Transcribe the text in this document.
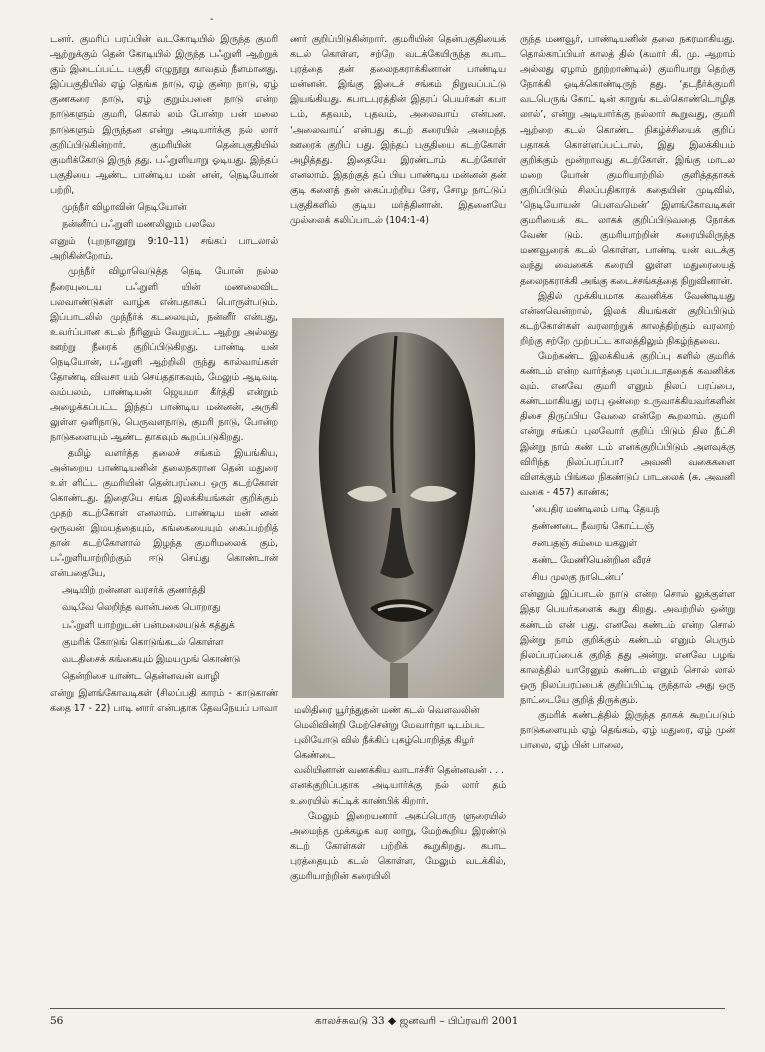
-

டனர். குமரிப் பரப்பின் வடகோடியில் இருந்த குமரி ஆற்றுக்கும் தென் கோடியில் இருந்த பஃறுளி ஆற்றுக் கும் இடைப்பட்ட பகுதி எழுநூறு காவதம் நீளமானது. இப்பகுதியில் ஏழ் தெங்க நாடு, ஏழ் குன்ற நாடு, ஏழ் குணகரை நாடு, ஏழ் குறும்பனை நாடு என்ற நாடுகளும் குமரி, கொல் லம் போன்ற பன் மலை நாடுகளும் இருந்தன என்று அடியார்க்கு நல் லார் குறிப்பிடுகின்றார். குமரியின் தென்பகுதியில் குமரிக்கோடு இருந் தது. பஃறுளியாறு ஓடியது. இந்தப் பகுதியை ஆண்ட பாண்டிய மன் னன், நெடியோன் பற்றி,

முந்நீர் விழாவின் நெடியோன்

நன்னீர்ப் பஃறுளி மணலிலும் பலவே

எனும் (புறநானூறு 9:10–11) சங்கப் பாடலால் அறிகின்றோம்.

முந்நீர் விழாவெடுத்த நெடி யோன் நல்ல நீரையுடைய பஃறுளி யின் மணலைவிட பலவாண்டுகள் வாழ்க என்பதாகப் பொருள்படும். இப்பாடலில் முந்நீர்க் கடலையும், நன்னீர் என்பது, உவர்ப்பான கடல் நீரினும் வேறுபட்ட ஆற்று அல்லது ஊற்று நீரைக் குறிப்பிடுகிறது. பாண்டி யன் நெடியோன், பஃறுளி ஆற்றிலி ருந்து கால்வாய்கள் தோண்டி விவசா யம் செய்ததாகவும், மேலும் ஆடிவடி வம்பலம், பாண்டியன் ஜெயமா கீர்த்தி என்றும் அழைக்கப்பட்ட இந்தப் பாண்டிய மன்னன், அருகி லுள்ள ஒளிநாடு, பெருவளநாடு, குமரி நாடு, போன்ற நாடுகளையும் ஆண்ட தாகவும் கூறப்படுகிறது.

தமிழ் வளர்த்த தலைச் சங்கம் இயங்கிய, அன்றைய பாண்டியனின் தலைநகரான தென் மதுரை உள் ளிட்ட குமரியின் தென்பரப்பை ஒரு கடற்கோள் கொண்டது. இதையே சங்க இலக்கியங்கள் குறிக்கும் முதற் கடற்கோள் எனலாம். பாண்டிய மன் னன் ஒருவன் இமயத்தையும், கங்கையையும் கைப்பற்றித் தான் கடற்கோளால் இழந்த குமரிமலைக் கும், பஃறுளியாற்றிற்கும் ஈடு செய்து கொண்டான் என்பதையே,

அடியிற் றன்னள வரசர்க் குணர்த்தி

வடிவே லெறிந்த வான்பகை பொறாது

பஃறுளி யாற்றுடன் பன்மலையடுக் கத்துக்

குமரிக் கோடுங் கொடுங்கடல் கொள்ள

வடதிசைக் கங்கையும் இமயமுங் கொண்டு

தென்றிசை யாண்ட தென்னவன் வாழி

என்று இளங்கோவடிகள் (சிலப்பதி காரம் - காடுகாண் கதை 17 - 22) பாடி னார் என்பதாக தேவநேயப் பாவா

ணர் குறிப்பிடுகின்றார். குமரியின் தென்பகுதியைக் கடல் கொள்ள, சற்றே வடக்கேயிருந்த கபாட புரத்தை தன் தலைநகராக்கினான் பாண்டிய மன்னன். இங்கு இடைச் சங்கம் நிறுவப்பட்டு இயங்கியது. கபாடபுரத்தின் இதரப் பெயர்கள் கபா டம், கதவம், புதவம், அலைவாய் என்பன. ‘அலைவாய்’ என்பது கடற் கரையில் அமைந்த ஊரைக் குறிப் பது. இந்தப் பகுதியை கடற்கோள் அழித்தது. இதையே இரண்டாம் கடற்கோள் எனலாம். இதற்குத் தப் பிய பாண்டிய மன்னன் தன் குடி களைத் தன் கைப்பற்றிய சேர, சோழ நாட்டுப் பகுதிகளில் குடிய மர்த்தினான். இதனையே முல்லைக் கலிப்பாடல் (104:1-4)

மலிதிரை யூர்ந்துதன் மண் கடல் வெளவலின்

மெலிவின்றி மேற்சென்று மேவார்நா டிடம்பட

புலியோடு வில் நீக்கிப் புகழ்பொறித்த கிழர் கெண்டை

வலியினான் வணக்கிய வாடாச்சீர் தென்னவன் . . .

எனக்குறிப்பதாக அடியார்க்கு நல் லார் தம் உரையில் சுட்டிக் காண்பிக் கிறார்.

மேலும் இறையனார் அகப்பொரு ளுரையில் அமைந்த முக்கழக வர லாறு, மேற்கூறிய இரண்டு கடற் கோள்கள் பற்றிக் கூறுகிறது. கபாட புரத்தையும் கடல் கொள்ள, மேலும் வடக்கில், குமரியாற்றின் கரையிலி

ருந்த மணவூர், பாண்டியனின் தலை நகரமாகியது. தொல்காப்பியர் காலத் தில் (கமார் கி. மு. ஆறாம் அல்லது ஏழாம் நூற்றாண்டில்) குமரியாறு தெற்கு நோக்கி ஓடிக்கொண்டிருந் தது. ‘தடநீர்க்குமரி வடபெருங் கோட் டின் காறுங் கடல்கொண்டொழித லால்’, என்று அடியார்க்கு நல்லார் கூறுவது, குமரி ஆற்றை கடல் கொண்ட நிகழ்ச்சியைக் குறிப் பதாகக் கொள்ளப்பட்டால், இது இலக்கியம் குறிக்கும் மூன்றாவது கடற்கோள். இங்கு மாடல மறை யோன் குமரியாற்றில் குளித்ததாகக் குறிப்பிடும் சிலப்பதிகாரக் கதையின் முடிவில், ‘நெடியோயன் பௌவமென்’ இளங்கோவடிகள் குமரியைக் கட லாகக் குறிப்பிடுவதை நோக்க வேண் டும். குமரியாற்றின் கரையிலிருந்த மணவூரைக் கடல் கொள்ள, பாண்டி யன் வடக்கு வந்து வைகைக் கரையி லுள்ள மதுரையைத் தலைநகராக்கி அங்கு கடைச்சங்கத்தை நிறுவினான்.

இதில் முக்கியமாக கவனிக்க வேண்டியது என்னவென்றால், இலக் கியங்கள் குறிப்பிடும் கடற்கோள்கள் வரலாற்றுக் காலத்திற்கும் வரலாற் றிற்கு சற்றே முற்பட்ட காலத்திலும் நிகழ்ந்தவை.

மேற்கண்ட இலக்கியக் குறிப்பு களில் குமரிக் கண்டம் என்ற வார்த்தை புலப்படாததைக் கவனிக்க வும். எனவே குமரி எனும் நிலப் பரப்பை, கண்டமாகியது மரபு ஒன்றை உருவாக்கியவர்களின் திசை திருப்பிய வேலை என்றே கூறலாம். குமரி என்று சங்கப் புலவோர் குறிப் பிடும் நில நீட்சி இன்று நாம் கண் டம் எனக்குறிப்பிடும் அளவுக்கு விரிந்த நிலப்பரப்பா? அவனி வகைகளை விளக்கும் பிங்கல நிகண்டுப் பாடலைக் (சு. அவனி வகை - 457) காண்க;

‘பைதிர மண்டிலம் பாடி தேயந்

தண்ணடை நீவரங் கோட்டஞ்

சனபதஞ் சும்மை யகலுள்

கண்ட மேணியென்றின வீரச்

சிய முலகு நாடென்ப’

என்னும் இப்பாடல் நாடு என்ற சொல் லுக்குள்ள இதர பெயர்களைக் கூறு கிறது. அவற்றில் ஒன்று கண்டம் என் பது. எனவே கண்டம் என்ற சொல் இன்று நாம் குறிக்கும் கண்டம் எனும் பெரும் நிலப்பரப்பைக் குறித் தது அன்று. எனவே பழங் காலத்தில் யாரேனும் கண்டம் எனும் சொல் லால் ஒரு நிலப்பரப்பைக் குறிப்பிட்டி ருந்தால் அது ஒரு நாட்டையே குறித் திருக்கும்.

குமரிக் கண்டத்தில் இருந்த தாகக் கூறப்படும் நாடுகளையும் ஏழ் தெங்கம், ஏழ் மதுரை, ஏழ் முன் பாலை, ஏழ் பின் பாலை,

56	காலச்சுவடு 33 ◆ ஜனவரி – பிப்ரவரி 2001
